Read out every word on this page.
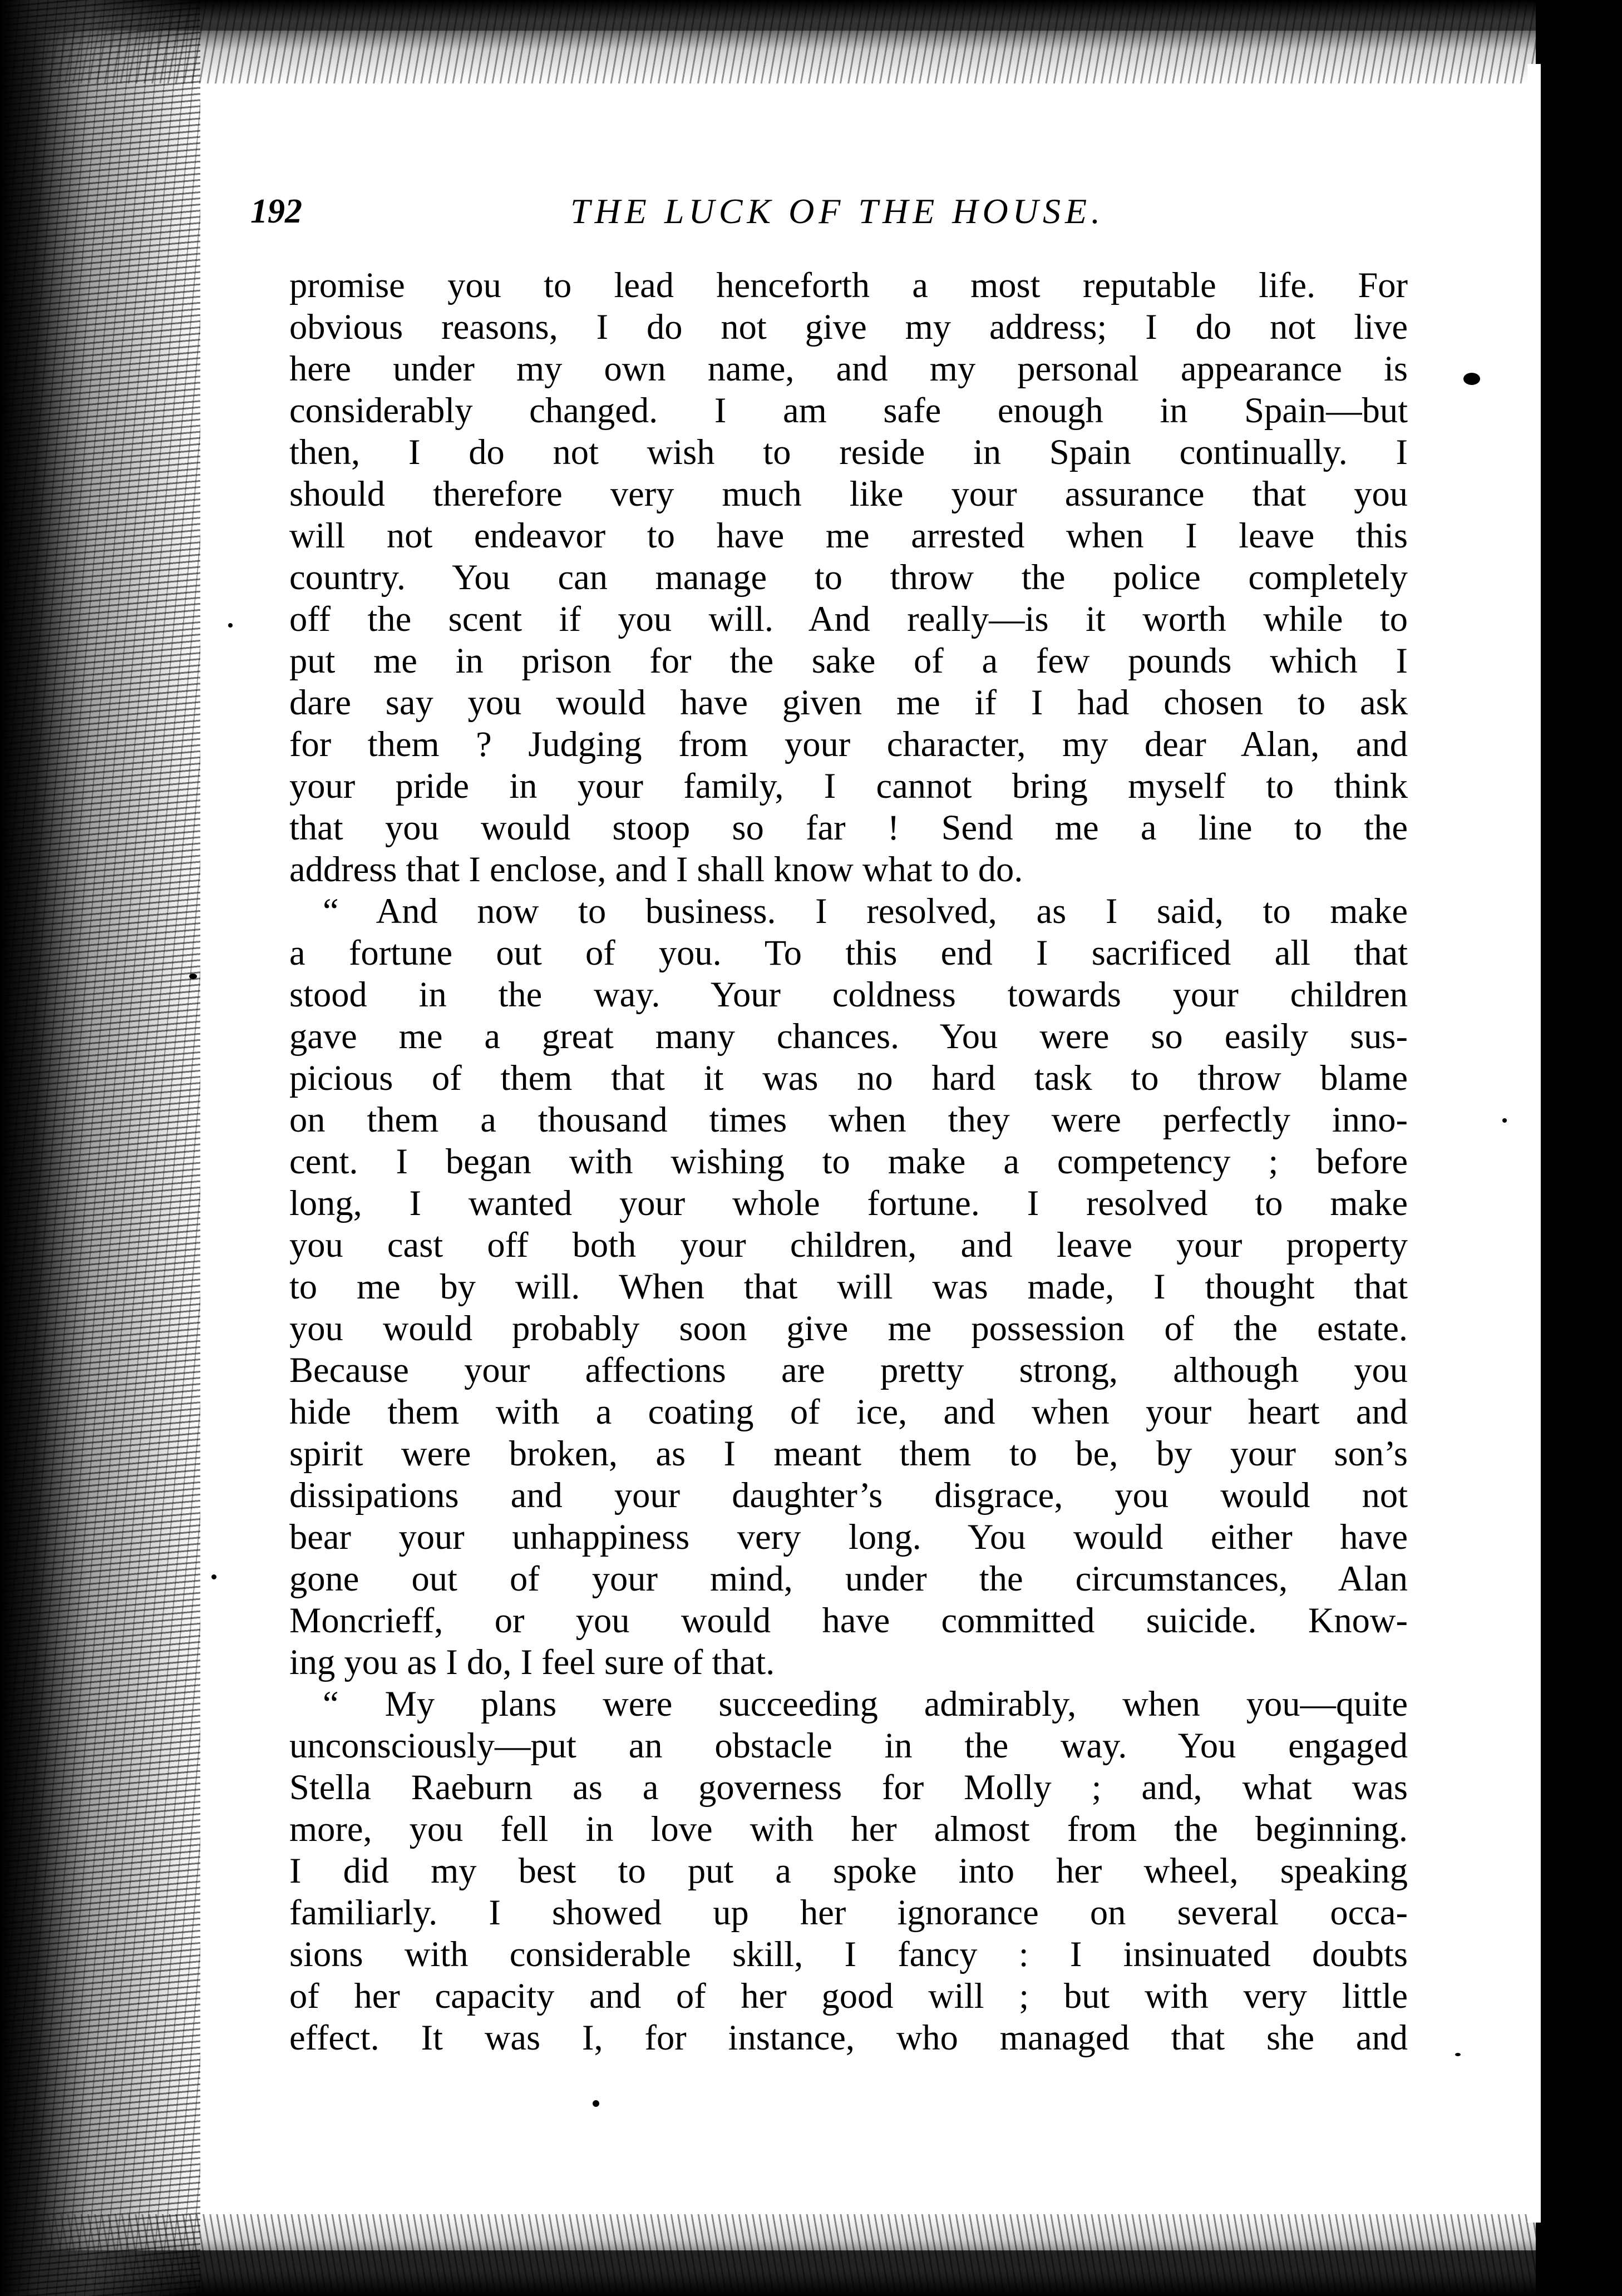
192	THE LUCK OF THE HOUSE.
promise you to lead henceforth a most reputable life. For
obvious reasons, I do not give my address; I do not live
here under my own name, and my personal appearance is
considerably changed. I am safe enough in Spain—but
then, I do not wish to reside in Spain continually. I
should therefore very much like your assurance that you
will not endeavor to have me arrested when I leave this
country. You can manage to throw the police completely
off the scent if you will. And really—is it worth while to
put me in prison for the sake of a few pounds which I
dare say you would have given me if I had chosen to ask
for them ? Judging from your character, my dear Alan, and
your pride in your family, I cannot bring myself to think
that you would stoop so far ! Send me a line to the
address that I enclose, and I shall know what to do.
“ And now to business. I resolved, as I said, to make
a fortune out of you. To this end I sacrificed all that
stood in the way. Your coldness towards your children
gave me a great many chances. You were so easily sus-
picious of them that it was no hard task to throw blame
on them a thousand times when they were perfectly inno-
cent. I began with wishing to make a competency ; before
long, I wanted your whole fortune. I resolved to make
you cast off both your children, and leave your property
to me by will. When that will was made, I thought that
you would probably soon give me possession of the estate.
Because your affections are pretty strong, although you
hide them with a coating of ice, and when your heart and
spirit were broken, as I meant them to be, by your son’s
dissipations and your daughter’s disgrace, you would not
bear your unhappiness very long. You would either have
gone out of your mind, under the circumstances, Alan
Moncrieff, or you would have committed suicide. Know-
ing you as I do, I feel sure of that.
“ My plans were succeeding admirably, when you—quite
unconsciously—put an obstacle in the way. You engaged
Stella Raeburn as a governess for Molly ; and, what was
more, you fell in love with her almost from the beginning.
I did my best to put a spoke into her wheel, speaking
familiarly. I showed up her ignorance on several occa-
sions with considerable skill, I fancy : I insinuated doubts
of her capacity and of her good will ; but with very little
effect. It was I, for instance, who managed that she and
